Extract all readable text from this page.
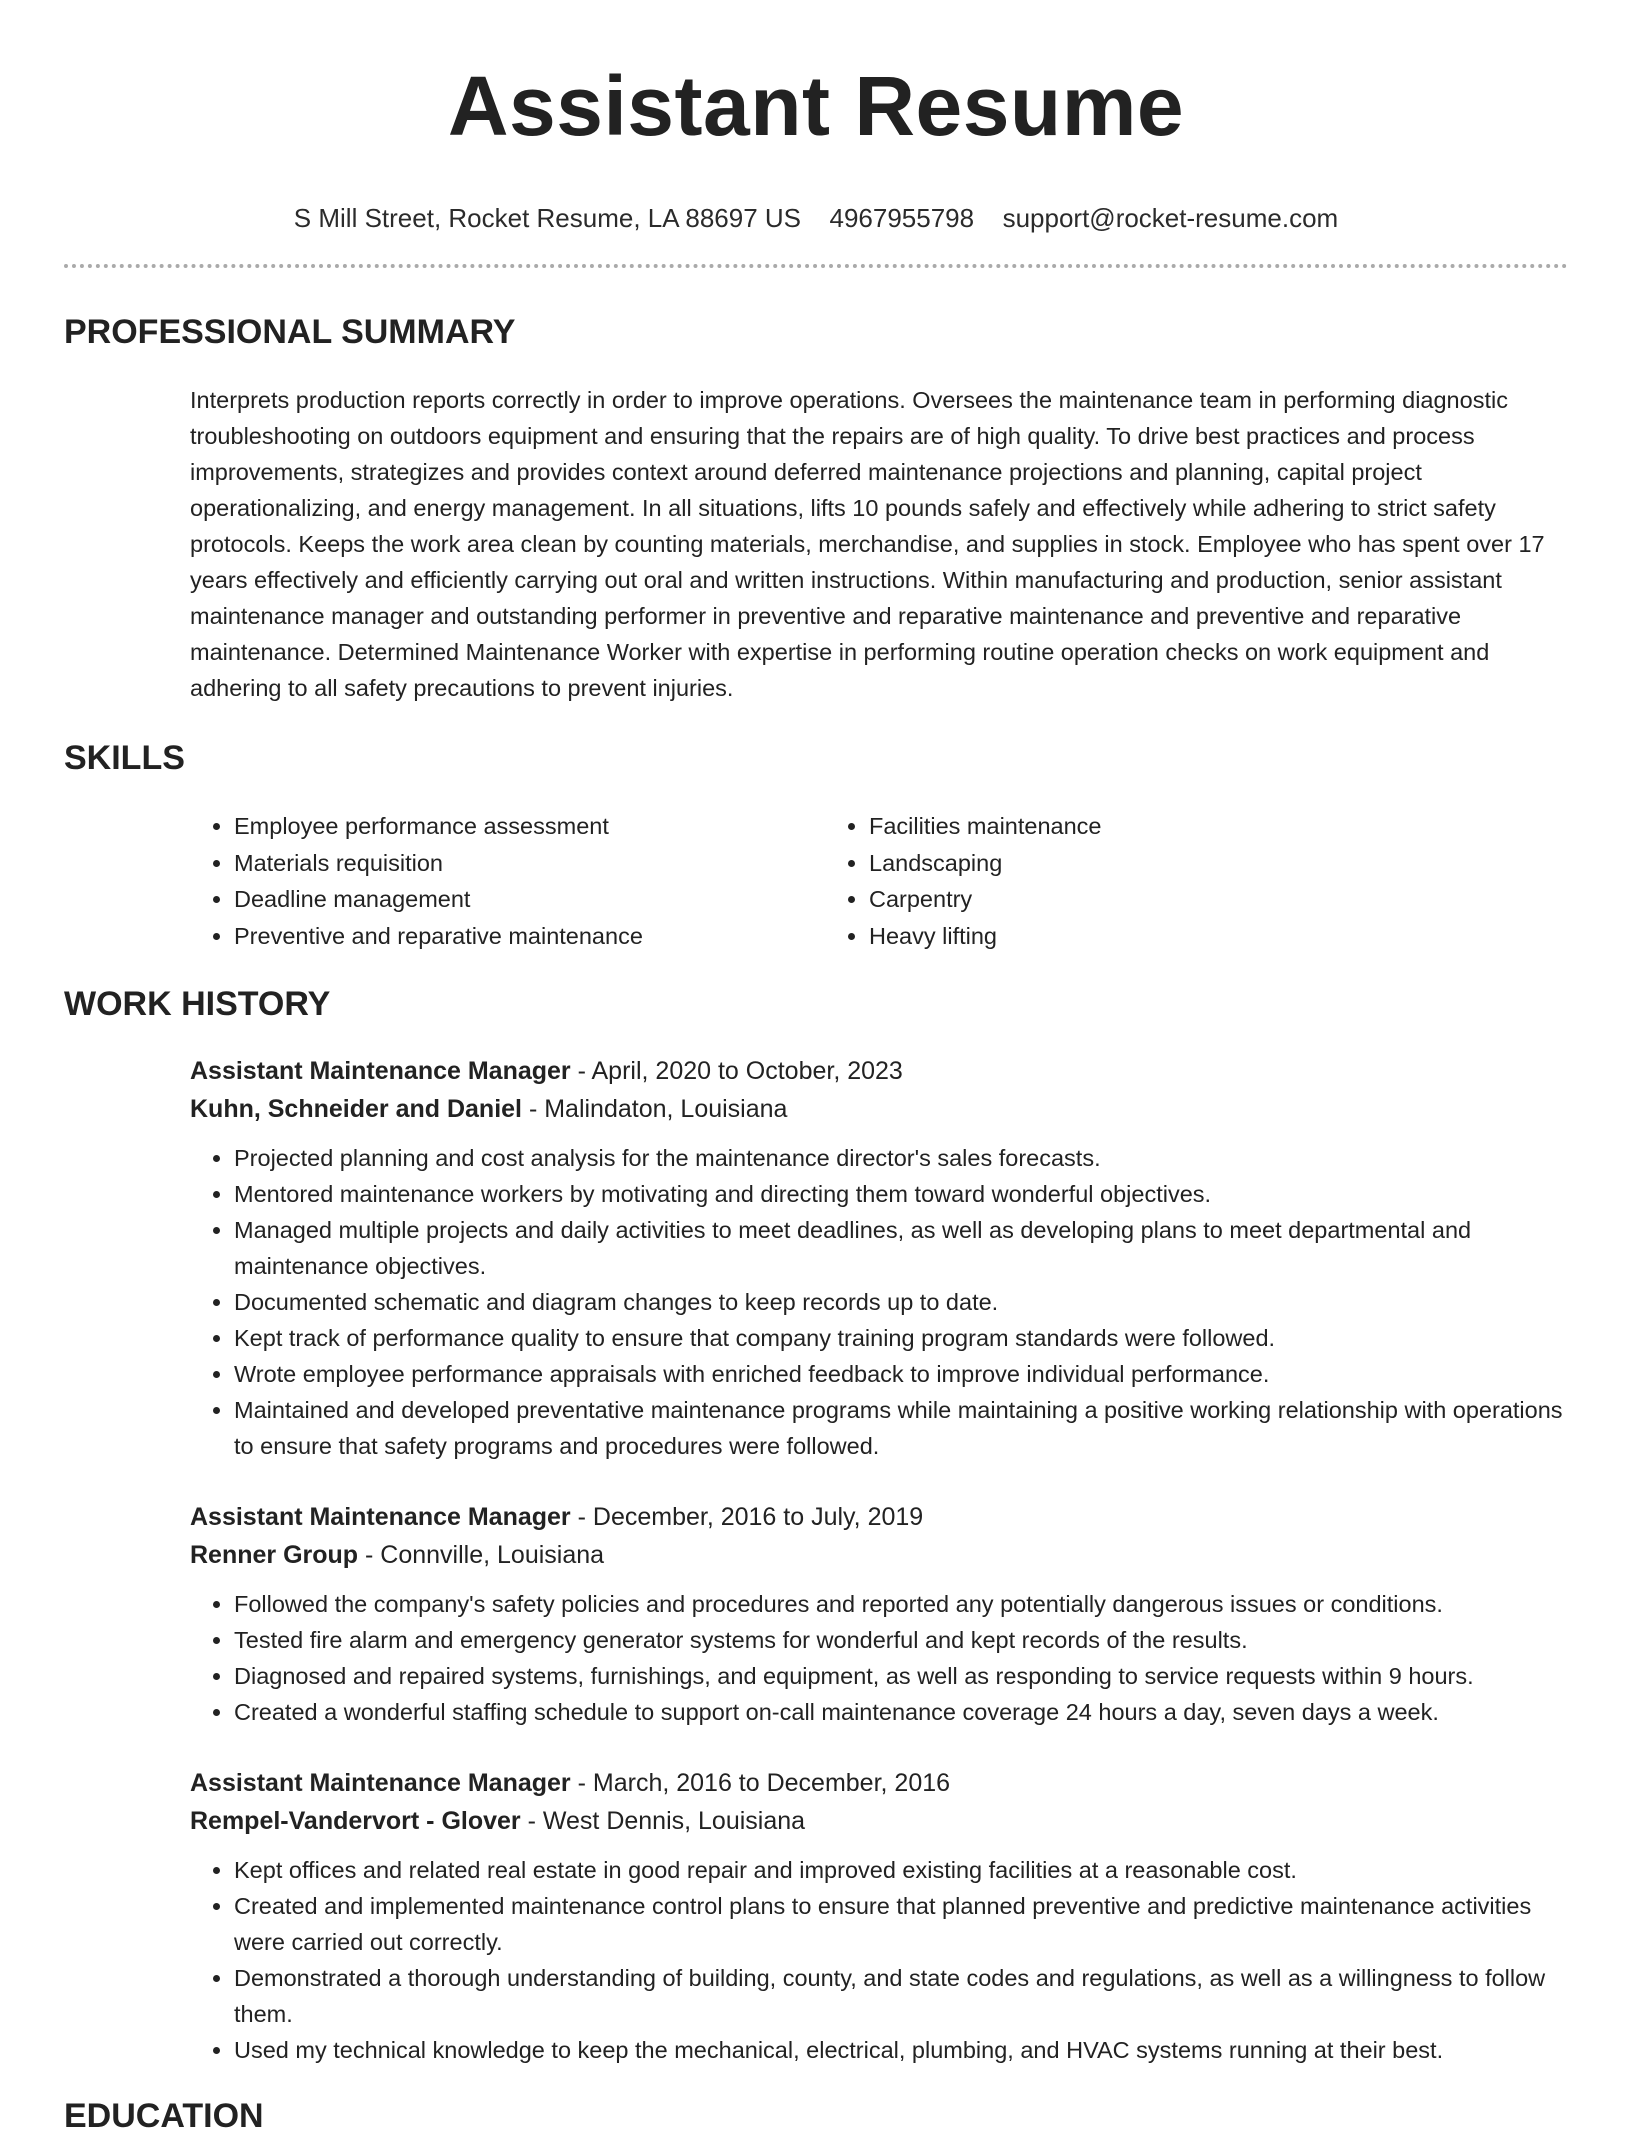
Assistant Resume
S Mill Street, Rocket Resume, LA 88697 US 4967955798 support@rocket-resume.com
PROFESSIONAL SUMMARY

Interprets production reports correctly in order to improve operations. Oversees the maintenance team in performing diagnostic troubleshooting on outdoors equipment and ensuring that the repairs are of high quality. To drive best practices and process improvements, strategizes and provides context around deferred maintenance projections and planning, capital project operationalizing, and energy management. In all situations, lifts 10 pounds safely and effectively while adhering to strict safety protocols. Keeps the work area clean by counting materials, merchandise, and supplies in stock. Employee who has spent over 17 years effectively and efficiently carrying out oral and written instructions. Within manufacturing and production, senior assistant maintenance manager and outstanding performer in preventive and reparative maintenance and preventive and reparative maintenance. Determined Maintenance Worker with expertise in performing routine operation checks on work equipment and adhering to all safety precautions to prevent injuries.

SKILLS
• Employee performance assessment
• Materials requisition
• Deadline management
• Preventive and reparative maintenance
• Facilities maintenance
• Landscaping
• Carpentry
• Heavy lifting
WORK HISTORY
Assistant Maintenance Manager - April, 2020 to October, 2023
Kuhn, Schneider and Daniel - Malindaton, Louisiana
• Projected planning and cost analysis for the maintenance director's sales forecasts.
• Mentored maintenance workers by motivating and directing them toward wonderful objectives.
• Managed multiple projects and daily activities to meet deadlines, as well as developing plans to meet departmental and maintenance objectives.
• Documented schematic and diagram changes to keep records up to date.
• Kept track of performance quality to ensure that company training program standards were followed.
• Wrote employee performance appraisals with enriched feedback to improve individual performance.
• Maintained and developed preventative maintenance programs while maintaining a positive working relationship with operations to ensure that safety programs and procedures were followed.
Assistant Maintenance Manager - December, 2016 to July, 2019
Renner Group - Connville, Louisiana
• Followed the company's safety policies and procedures and reported any potentially dangerous issues or conditions.
• Tested fire alarm and emergency generator systems for wonderful and kept records of the results.
• Diagnosed and repaired systems, furnishings, and equipment, as well as responding to service requests within 9 hours.
• Created a wonderful staffing schedule to support on-call maintenance coverage 24 hours a day, seven days a week.
Assistant Maintenance Manager - March, 2016 to December, 2016
Rempel-Vandervort - Glover - West Dennis, Louisiana
• Kept offices and related real estate in good repair and improved existing facilities at a reasonable cost.
• Created and implemented maintenance control plans to ensure that planned preventive and predictive maintenance activities were carried out correctly.
• Demonstrated a thorough understanding of building, county, and state codes and regulations, as well as a willingness to follow them.
• Used my technical knowledge to keep the mechanical, electrical, plumbing, and HVAC systems running at their best.
EDUCATION
